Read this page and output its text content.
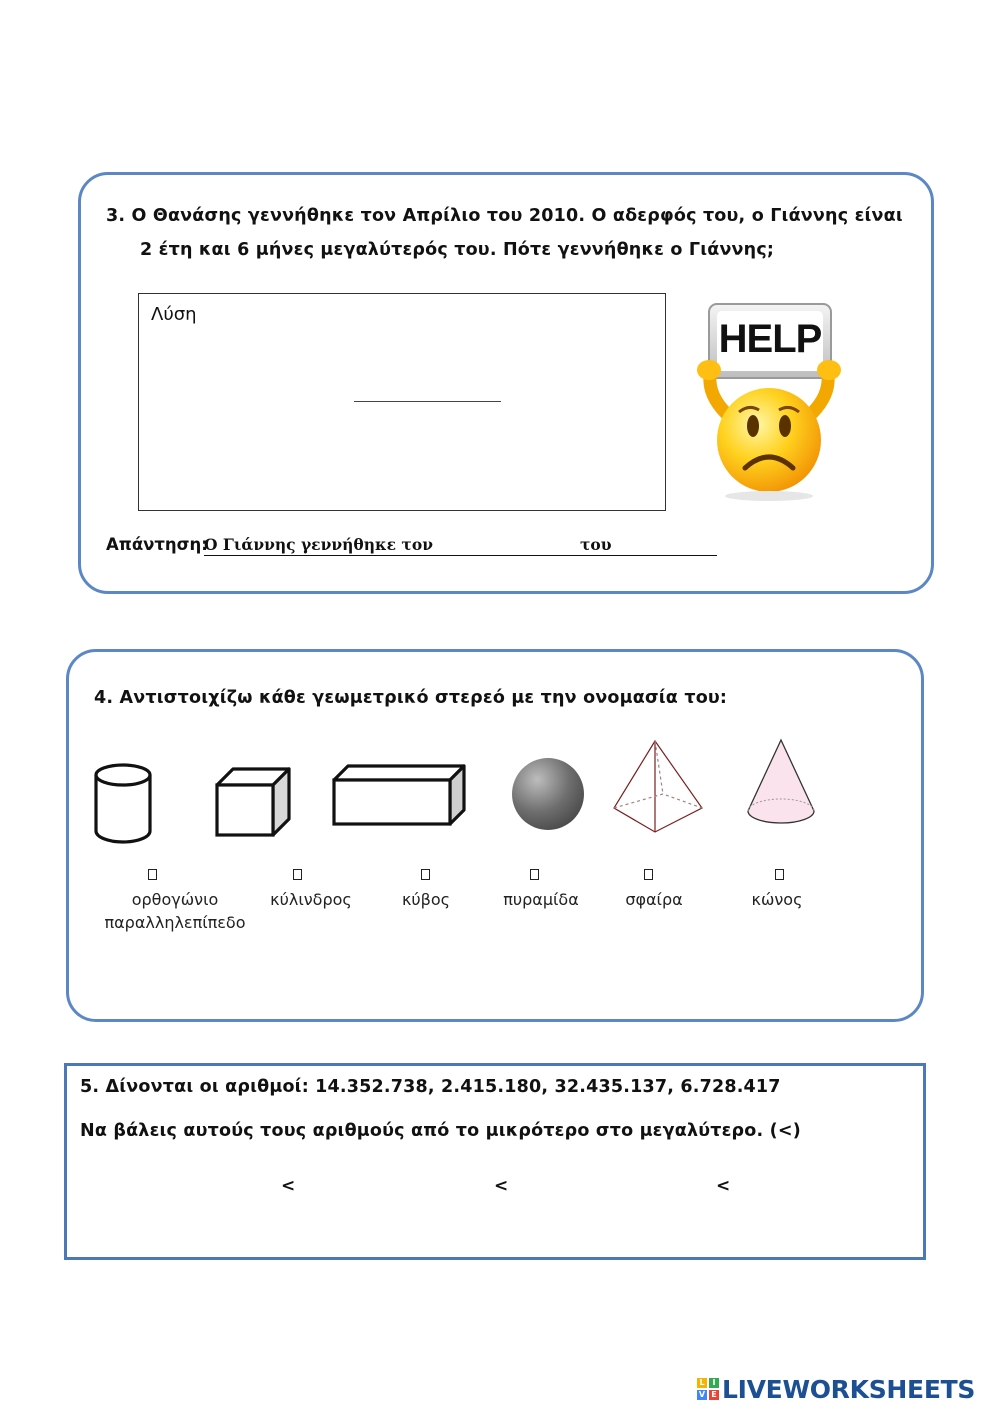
3. Ο Θανάσης γεννήθηκε τον Απρίλιο του 2010. Ο αδερφός του, ο Γιάννης είναι
2 έτη και 6 μήνες μεγαλύτερός του. Πότε γεννήθηκε ο Γιάννης;
Λύση
HELP
Απάντηση:
Ο Γιάννης γεννήθηκε τον	του
4. Αντιστοιχίζω κάθε γεωμετρικό στερεό με την ονομασία του:
ορθογώνιο
παραλληλεπίπεδο
κύλινδρος	κύβος	πυραμίδα	σφαίρα	κώνος
5. Δίνονται οι αριθμοί: 14.352.738, 2.415.180, 32.435.137, 6.728.417
Να βάλεις αυτούς τους αριθμούς από το μικρότερο στο μεγαλύτερο. (<)
<	<	<
L I
V E LIVEWORKSHEETS
